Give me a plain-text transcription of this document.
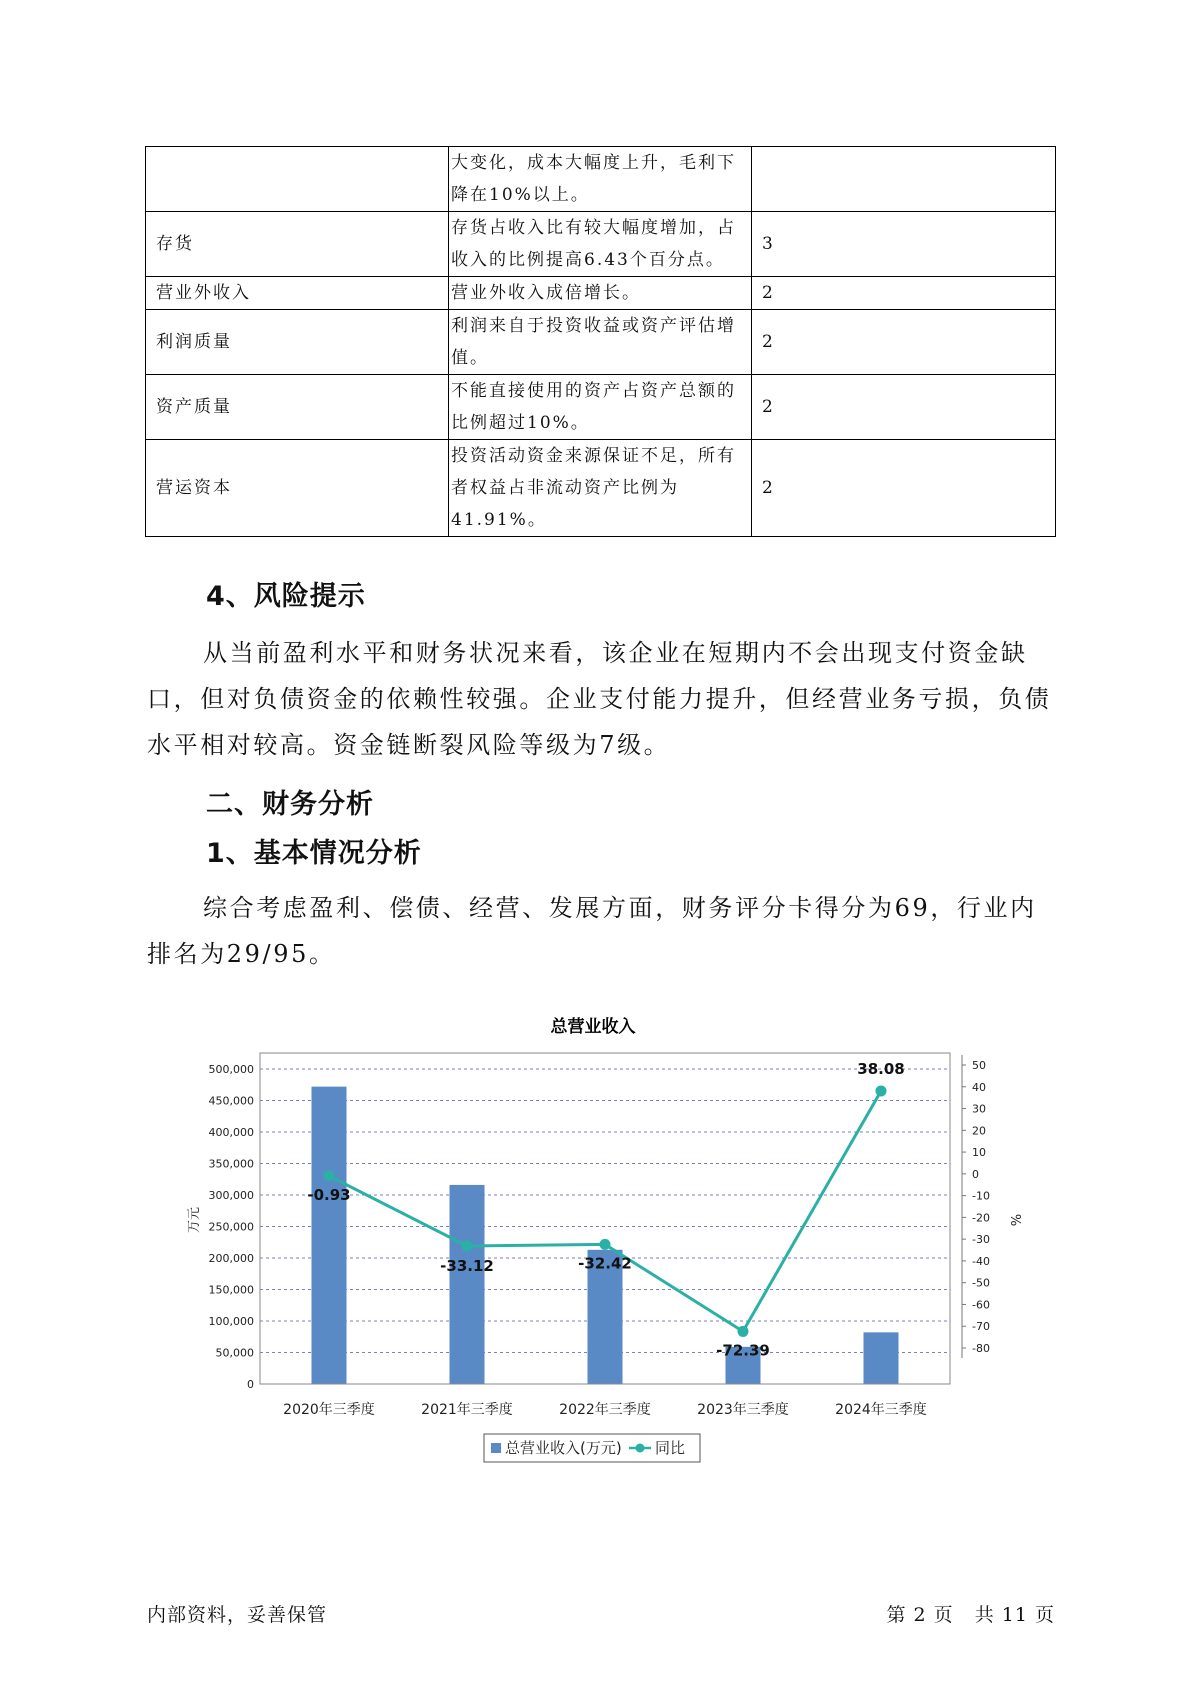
	大变化，成本大幅度上升，毛利下降在10%以上。	
存货	存货占收入比有较大幅度增加，占收入的比例提高6.43个百分点。	3
营业外收入	营业外收入成倍增长。	2
利润质量	利润来自于投资收益或资产评估增值。	2
资产质量	不能直接使用的资产占资产总额的比例超过10%。	2
营运资本	投资活动资金来源保证不足，所有者权益占非流动资产比例为41.91%。	2
4、风险提示

从当前盈利水平和财务状况来看，该企业在短期内不会出现支付资金缺口，但对负债资金的依赖性较强。企业支付能力提升，但经营业务亏损，负债水平相对较高。资金链断裂风险等级为7级。

二、财务分析
1、基本情况分析

综合考虑盈利、偿债、经营、发展方面，财务评分卡得分为69，行业内排名为29/95。

总营业收入
0
50,000
100,000
150,000
200,000
250,000
300,000
350,000
400,000
450,000
500,000
-80
-70
-60
-50
-40
-30
-20
-10
0
10
20
30
40
50
2020年三季度	2021年三季度	2022年三季度	2023年三季度	2024年三季度
-0.93
-33.12	-32.42
-72.39
38.08
万元	%
总营业收入(万元) 同比
内部资料，妥善保管	第 2 页   共 11 页
